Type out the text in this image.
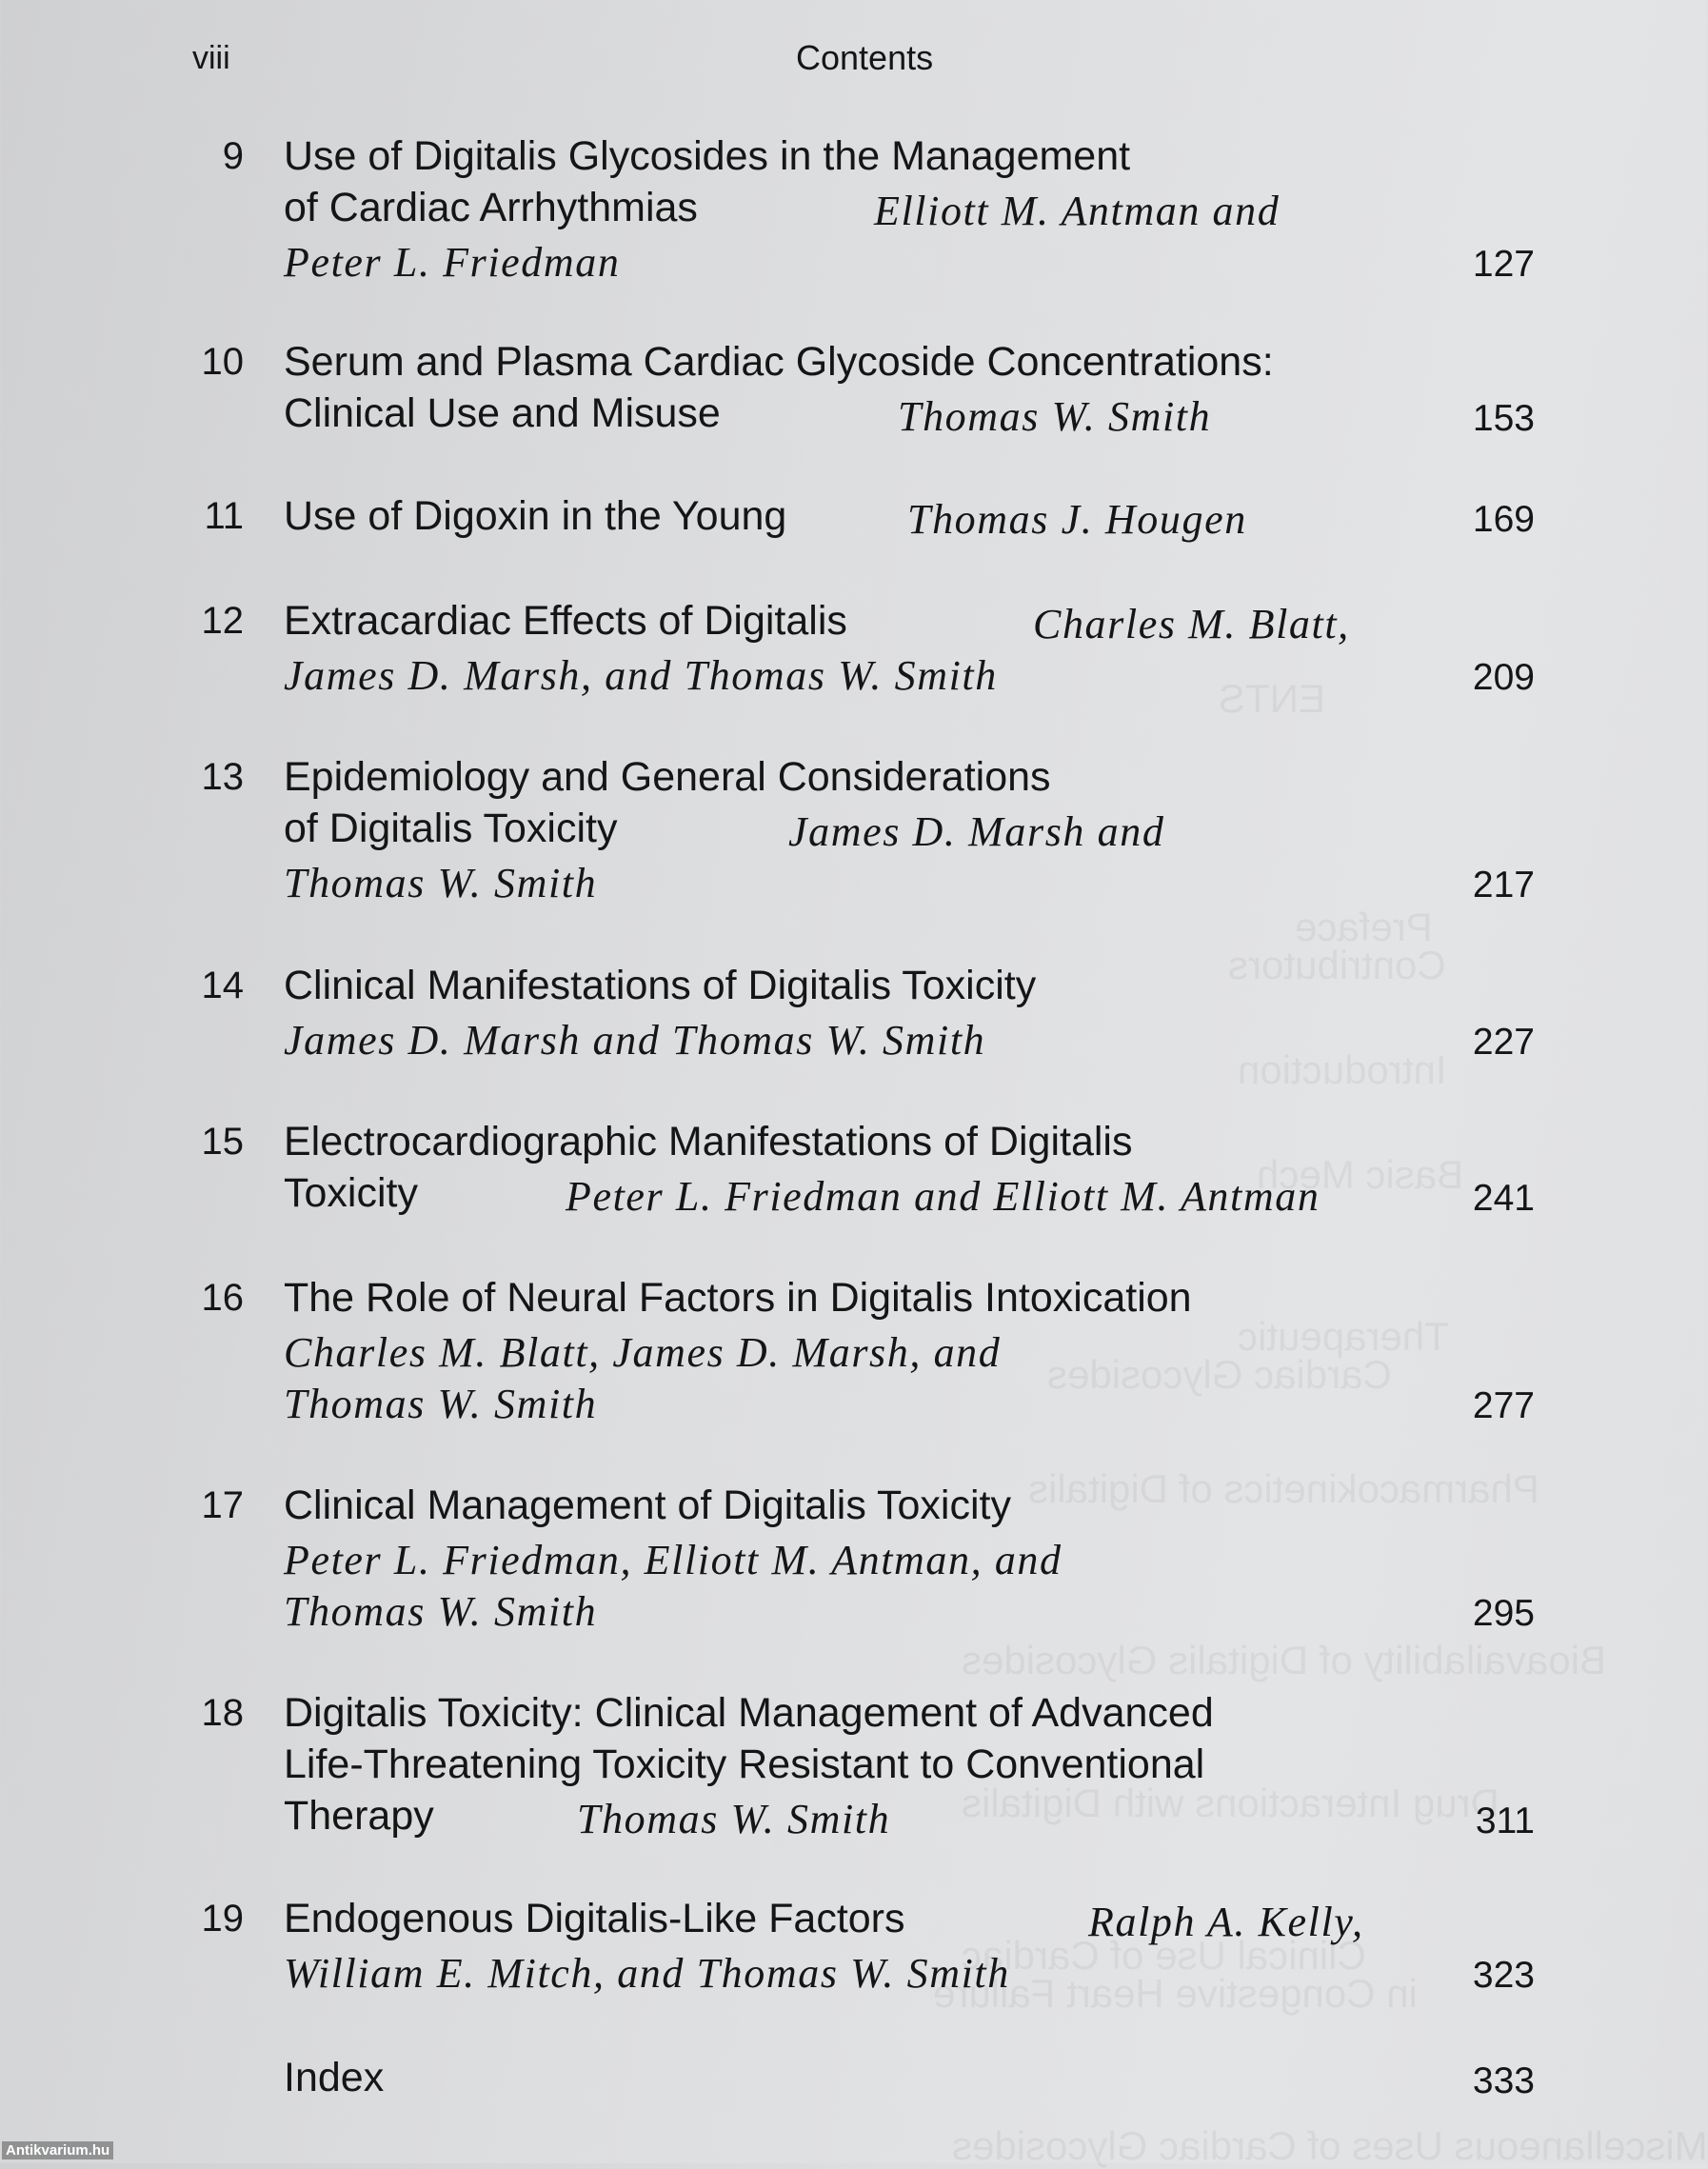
ENTS
Preface
Contributors
Introduction
Basic Mech
Therapeutic
Cardiac Glycosides
Pharmacokinetics of Digitalis
Bioavailability of Digitalis Glycosides
Drug Interactions with Digitalis
Clinical Use of Cardiac
in Congestive Heart Failure
Miscellaneous Uses of Cardiac Glycosides
viii	Contents
9 Use of Digitalis Glycosides in the Management
of Cardiac Arrhythmias	Elliott M. Antman and
Peter L. Friedman	127
10 Serum and Plasma Cardiac Glycoside Concentrations:
Clinical Use and Misuse	Thomas W. Smith	153
11 Use of Digoxin in the Young	Thomas J. Hougen	169
12 Extracardiac Effects of Digitalis	Charles M. Blatt,
James D. Marsh, and Thomas W. Smith	209
13 Epidemiology and General Considerations
of Digitalis Toxicity	James D. Marsh and
Thomas W. Smith	217
14 Clinical Manifestations of Digitalis Toxicity
James D. Marsh and Thomas W. Smith	227
15 Electrocardiographic Manifestations of Digitalis
Toxicity	Peter L. Friedman and Elliott M. Antman	241
16 The Role of Neural Factors in Digitalis Intoxication
Charles M. Blatt, James D. Marsh, and
Thomas W. Smith	277
17 Clinical Management of Digitalis Toxicity
Peter L. Friedman, Elliott M. Antman, and
Thomas W. Smith	295
18 Digitalis Toxicity: Clinical Management of Advanced
Life-Threatening Toxicity Resistant to Conventional
Therapy	Thomas W. Smith	311
19 Endogenous Digitalis-Like Factors	Ralph A. Kelly,
William E. Mitch, and Thomas W. Smith	323
Index	333
Antikvarium.hu
